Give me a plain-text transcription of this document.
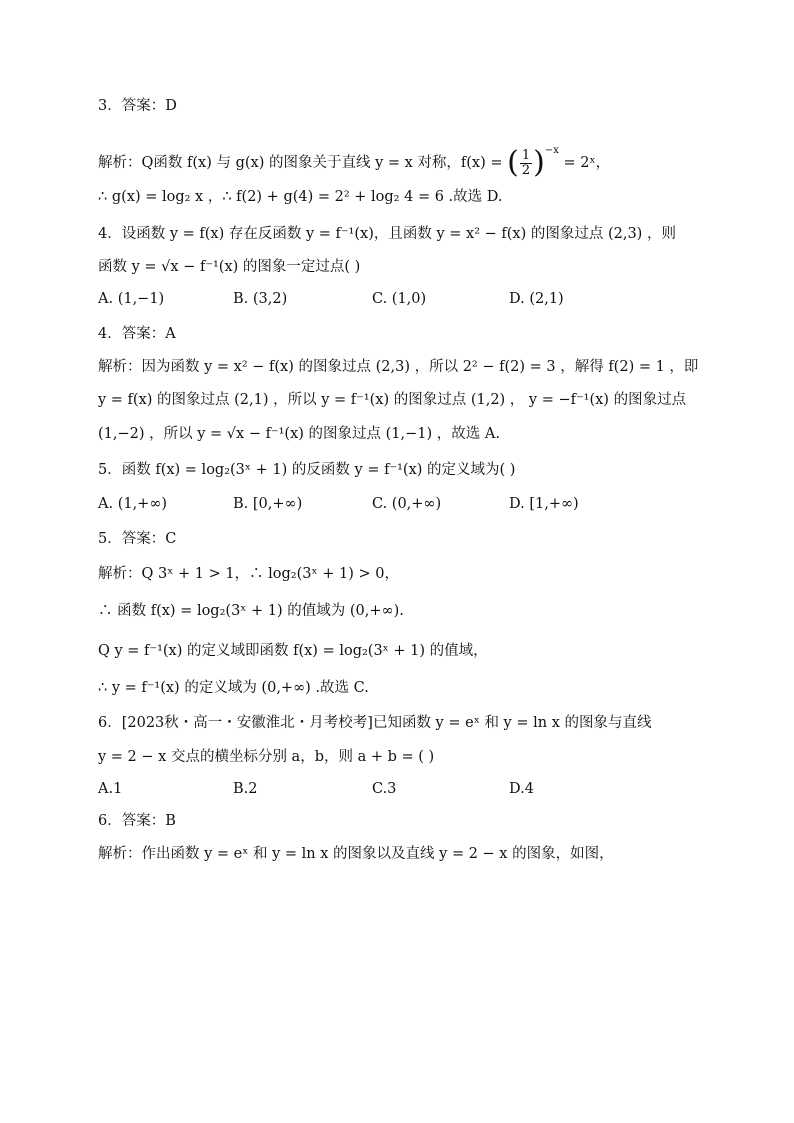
3．答案：D
解析：Q函数 f(x) 与 g(x) 的图象关于直线 y = x 对称，f(x) = ( $\frac{1}{2} )^{-x}$ = 2ˣ，
∴ g(x) = log₂ x ，∴ f(2) + g(4) = 2² + log₂ 4 = 6 .故选 D.
4．设函数 y = f(x) 存在反函数 y = f⁻¹(x)，且函数 y = x² − f(x) 的图象过点 (2,3) ，则
函数 y = √x − f⁻¹(x) 的图象一定过点( )
A. (1,−1)	B. (3,2)	C. (1,0)	D. (2,1)
4．答案：A
解析：因为函数 y = x² − f(x) 的图象过点 (2,3) ，所以 2² − f(2) = 3 ，解得 f(2) = 1 ，即
y = f(x) 的图象过点 (2,1) ，所以 y = f⁻¹(x) 的图象过点 (1,2) ， y = −f⁻¹(x) 的图象过点
(1,−2) ，所以 y = √x − f⁻¹(x) 的图象过点 (1,−1) ，故选 A.
5．函数 f(x) = log₂(3ˣ + 1) 的反函数 y = f⁻¹(x) 的定义域为( )
A. (1,+∞)	B. [0,+∞)	C. (0,+∞)	D. [1,+∞)
5．答案：C
解析：Q 3ˣ + 1 > 1，∴ log₂(3ˣ + 1) > 0，
∴ 函数 f(x) = log₂(3ˣ + 1) 的值域为 (0,+∞).
Q y = f⁻¹(x) 的定义域即函数 f(x) = log₂(3ˣ + 1) 的值域，
∴ y = f⁻¹(x) 的定义域为 (0,+∞) .故选 C.
6．[2023秋・高一・安徽淮北・月考校考]已知函数 y = eˣ 和 y = ln x 的图象与直线
y = 2 − x 交点的横坐标分别 a，b，则 a + b = ( )
A.1	B.2	C.3	D.4
6．答案：B
解析：作出函数 y = eˣ 和 y = ln x 的图象以及直线 y = 2 − x 的图象，如图，
